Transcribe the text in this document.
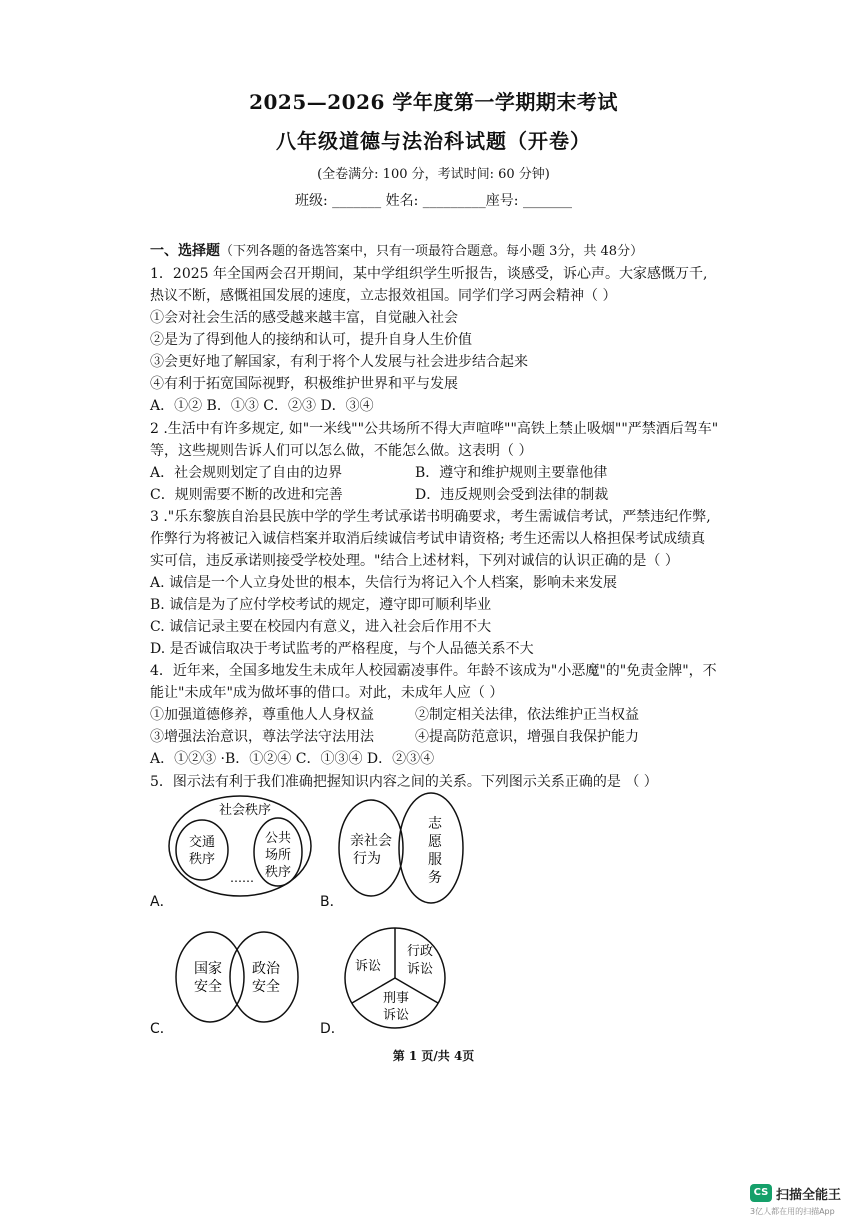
2025—2026 学年度第一学期期末考试
八年级道德与法治科试题（开卷）
(全卷满分: 100 分，考试时间: 60 分钟)
班级: _______ 姓名: _________座号: _______
一、选择题（下列各题的备选答案中，只有一项最符合题意。每小题 3分，共 48分）
1．2025 年全国两会召开期间，某中学组织学生听报告，谈感受，诉心声。大家感慨万千,
热议不断，感慨祖国发展的速度，立志报效祖国。同学们学习两会精神（ ）
①会对社会生活的感受越来越丰富，自觉融入社会
②是为了得到他人的接纳和认可，提升自身人生价值
③会更好地了解国家，有利于将个人发展与社会进步结合起来
④有利于拓宽国际视野，积极维护世界和平与发展
A．①② B．①③ C．②③ D．③④
2 .生活中有许多规定, 如"一米线""公共场所不得大声喧哗""高铁上禁止吸烟""严禁酒后驾车"
等，这些规则告诉人们可以怎么做，不能怎么做。这表明（ ）
A．社会规则划定了自由的边界	B．遵守和维护规则主要靠他律
C．规则需要不断的改进和完善	D．违反规则会受到法律的制裁
3 ."乐东黎族自治县民族中学的学生考试承诺书明确要求，考生需诚信考试，严禁违纪作弊,
作弊行为将被记入诚信档案并取消后续诚信考试申请资格; 考生还需以人格担保考试成绩真
实可信，违反承诺则接受学校处理。"结合上述材料，下列对诚信的认识正确的是（ ）
A. 诚信是一个人立身处世的根本，失信行为将记入个人档案，影响未来发展
B. 诚信是为了应付学校考试的规定，遵守即可顺利毕业
C. 诚信记录主要在校园内有意义，进入社会后作用不大
D. 是否诚信取决于考试监考的严格程度，与个人品德关系不大
4．近年来，全国多地发生未成年人校园霸凌事件。年龄不该成为"小恶魔"的"免责金牌"，不
能让"未成年"成为做坏事的借口。对此，未成年人应（ ）
①加强道德修养，尊重他人人身权益	②制定相关法律，依法维护正当权益
③增强法治意识，尊法学法守法用法	④提高防范意识，增强自我保护能力
A．①②③ ·B．①②④ C．①③④ D．②③④
5．图示法有利于我们准确把握知识内容之间的关系。下列图示关系正确的是 （ ）
社会秩序
交通
秩序
公共
场所
秩序
……
A．
亲社会
行为
志
愿
服
务
B．
国家
安全
政治
安全
C．
诉讼
行政
诉讼
刑事
诉讼
D．
第 1 页/共 4页
CS 扫描全能王
3亿人都在用的扫描App
